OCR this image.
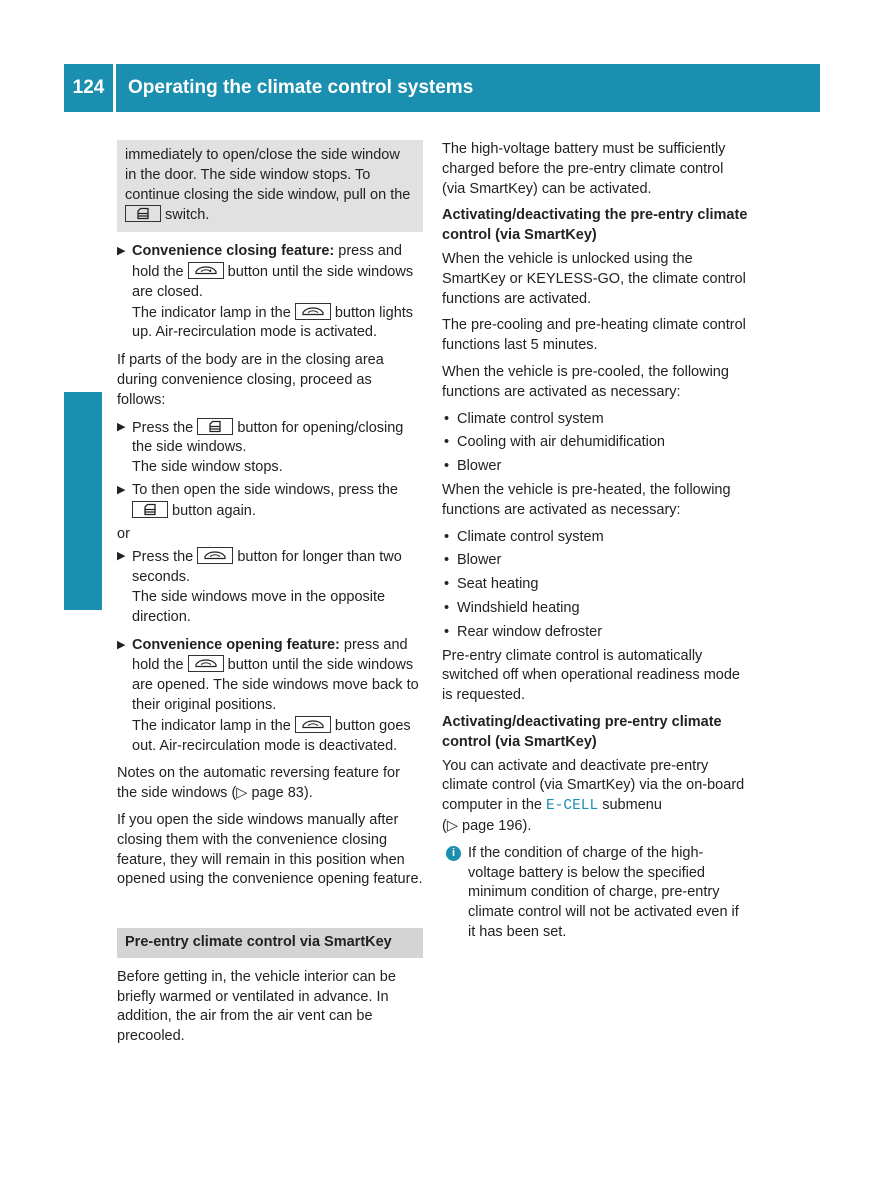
124	Operating the climate control systems
Climate control
immediately to open/close the side window in the door. The side window stops. To continue closing the side window, pull on the
switch.
▶ Convenience closing feature: press and hold the	button until the side windows are closed.
The indicator lamp in the	button lights up. Air-recirculation mode is activated.

If parts of the body are in the closing area during convenience closing, proceed as follows:

▶ Press the	button for opening/closing the side windows.
The side window stops.
▶ To then open the side windows, press the
button again.

or

▶ Press the	button for longer than two seconds.
The side windows move in the opposite direction.
▶ Convenience opening feature: press and hold the	button until the side windows are opened. The side windows move back to their original positions.
The indicator lamp in the	button goes out. Air-recirculation mode is deactivated.

Notes on the automatic reversing feature for the side windows (▷ page 83).

If you open the side windows manually after closing them with the convenience closing feature, they will remain in this position when opened using the convenience opening feature.

Pre-entry climate control via SmartKey

Before getting in, the vehicle interior can be briefly warmed or ventilated in advance. In addition, the air from the air vent can be precooled.

The high-voltage battery must be sufficiently charged before the pre-entry climate control (via SmartKey) can be activated.

Activating/deactivating the pre-entry climate control (via SmartKey)

When the vehicle is unlocked using the SmartKey or KEYLESS-GO, the climate control functions are activated.

The pre-cooling and pre-heating climate control functions last 5 minutes.

When the vehicle is pre-cooled, the following functions are activated as necessary:

• Climate control system
• Cooling with air dehumidification
• Blower

When the vehicle is pre-heated, the following functions are activated as necessary:

• Climate control system
• Blower
• Seat heating
• Windshield heating
• Rear window defroster

Pre-entry climate control is automatically switched off when operational readiness mode is requested.

Activating/deactivating pre-entry climate control (via SmartKey)

You can activate and deactivate pre-entry climate control (via SmartKey) via the on-board computer in the E-CELL submenu
(▷ page 196).

i If the condition of charge of the high-voltage battery is below the specified minimum condition of charge, pre-entry climate control will not be activated even if it has been set.
